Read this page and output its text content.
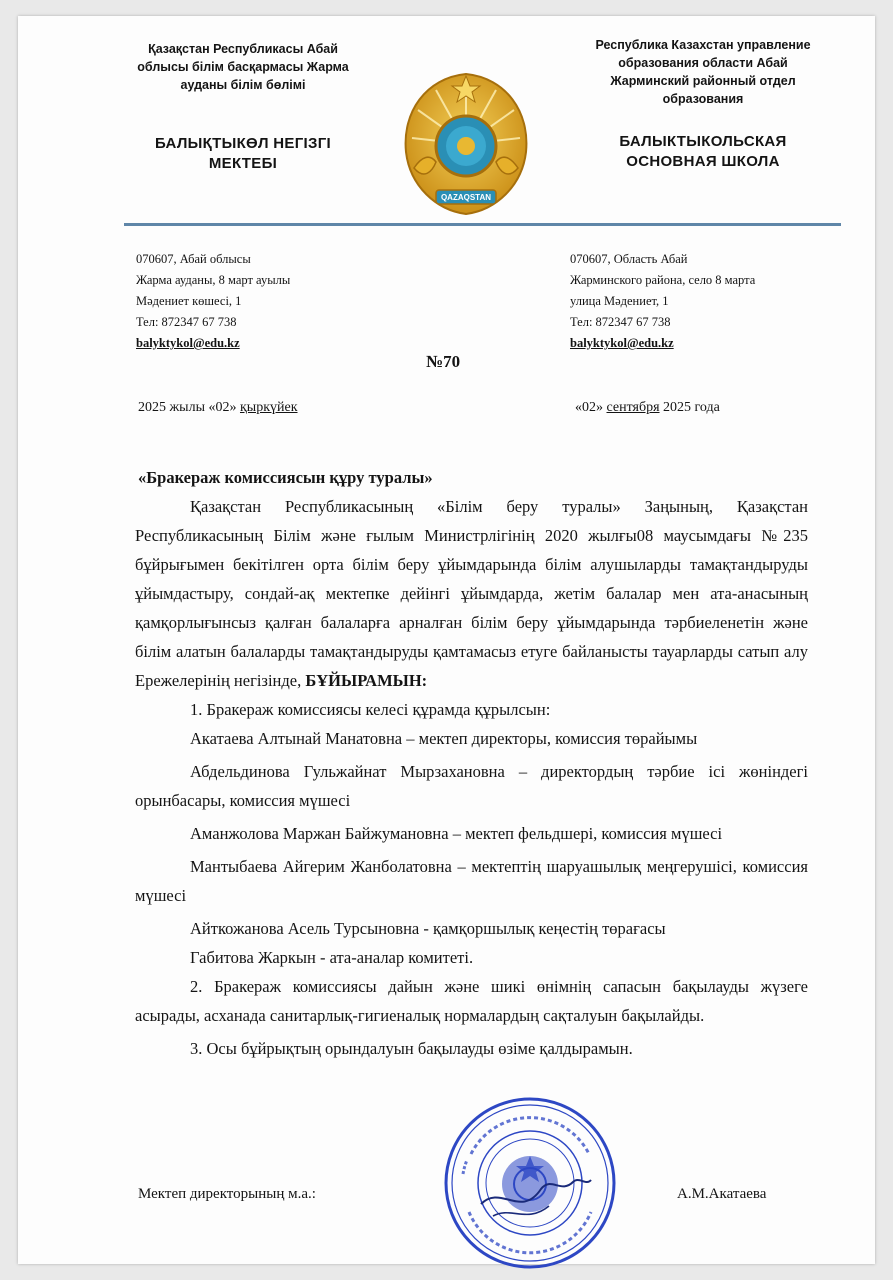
Қазақстан Республикасы Абай

облысы білім басқармасы Жарма

ауданы білім бөлімі

БАЛЫҚТЫКӨЛ НЕГІЗГІ

МЕКТЕБІ

QAZAQSTAN

Республика Казахстан управление

образования области Абай

Жарминский районный отдел

образования

БАЛЫКТЫКОЛЬСКАЯ

ОСНОВНАЯ ШКОЛА

070607, Абай облысы
Жарма ауданы, 8 март ауылы
Мәдениет көшесі, 1
Тел: 872347 67 738
balyktykol@edu.kz
070607, Область Абай
Жарминского района, село 8 марта
улица Мәдениет, 1
Тел: 872347 67 738
balyktykol@edu.kz
№70
2025 жылы «02» қыркүйек	«02» сентября 2025 года

«Бракераж комиссиясын құру туралы»

Қазақстан Республикасының «Білім беру туралы» Заңының, Қазақстан Республикасының Білім және ғылым Министрлігінің 2020 жылғы08 маусымдағы №235 бұйрығымен бекітілген орта білім беру ұйымдарында білім алушыларды тамақтандыруды ұйымдастыру, сондай-ақ мектепке дейінгі ұйымдарда, жетім балалар мен ата-анасының қамқорлығынсыз қалған балаларға арналған білім беру ұйымдарында тәрбиеленетін және білім алатын балаларды тамақтандыруды қамтамасыз етуге байланысты тауарларды сатып алу Ережелерінің негізінде, БҰЙЫРАМЫН:

1. Бракераж комиссиясы келесі құрамда құрылсын:

Акатаева Алтынай Манатовна – мектеп директоры, комиссия төрайымы

Абдельдинова Гульжайнат Мырзахановна – директордың тәрбие ісі жөніндегі орынбасары, комиссия мүшесі

Аманжолова Маржан Байжумановна – мектеп фельдшері, комиссия мүшесі

Мантыбаева Айгерим Жанболатовна – мектептің шаруашылық меңгерушісі, комиссия мүшесі

Айткожанова Асель Турсыновна - қамқоршылық кеңестің төрағасы

Габитова Жаркын - ата-аналар комитеті.

2. Бракераж комиссиясы дайын және шикі өнімнің сапасын бақылауды жүзеге асырады, асханада санитарлық-гигиеналық нормалардың сақталуын бақылайды.

3. Осы бұйрықтың орындалуын бақылауды өзіме қалдырамын.

Мектеп директорының м.а.:	А.М.Акатаева
